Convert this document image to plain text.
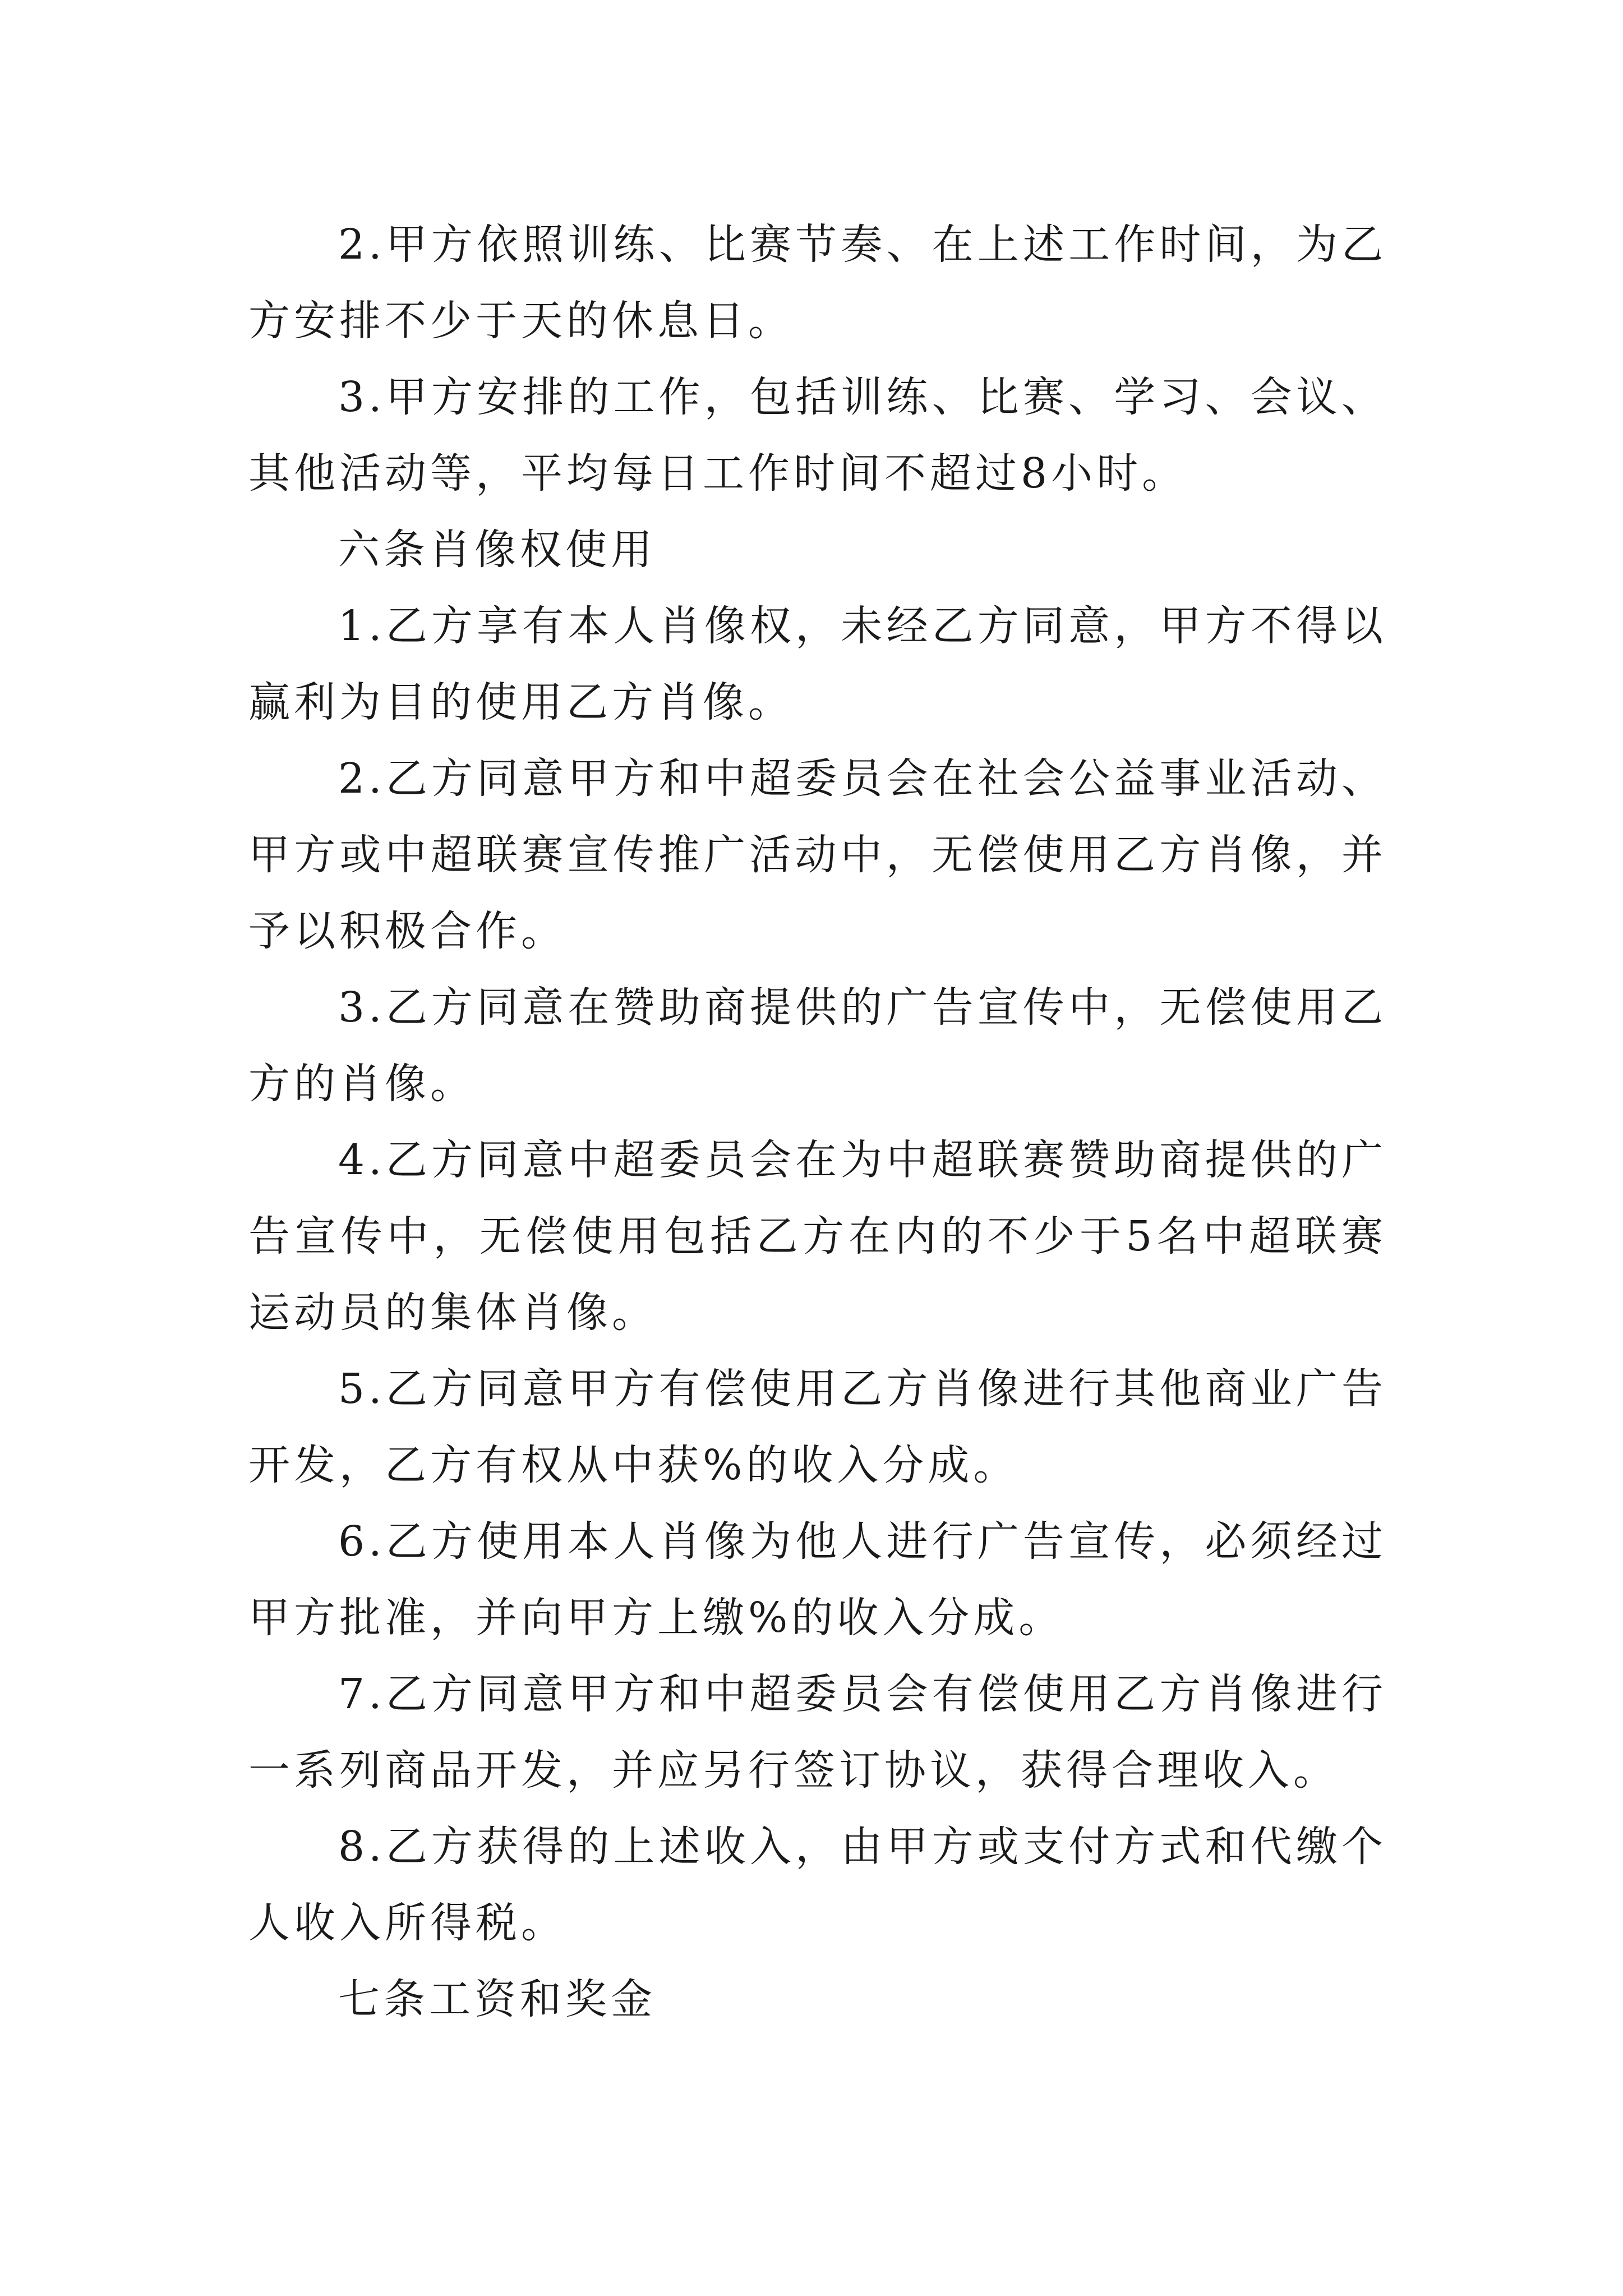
2.甲方依照训练、比赛节奏、在上述工作时间，为乙方安排不少于天的休息日。

3.甲方安排的工作，包括训练、比赛、学习、会议、其他活动等，平均每日工作时间不超过8小时。

六条肖像权使用

1.乙方享有本人肖像权，未经乙方同意，甲方不得以赢利为目的使用乙方肖像。

2.乙方同意甲方和中超委员会在社会公益事业活动、甲方或中超联赛宣传推广活动中，无偿使用乙方肖像，并予以积极合作。

3.乙方同意在赞助商提供的广告宣传中，无偿使用乙方的肖像。

4.乙方同意中超委员会在为中超联赛赞助商提供的广告宣传中，无偿使用包括乙方在内的不少于5名中超联赛运动员的集体肖像。

5.乙方同意甲方有偿使用乙方肖像进行其他商业广告开发，乙方有权从中获%的收入分成。

6.乙方使用本人肖像为他人进行广告宣传，必须经过甲方批准，并向甲方上缴%的收入分成。

7.乙方同意甲方和中超委员会有偿使用乙方肖像进行一系列商品开发，并应另行签订协议，获得合理收入。

8.乙方获得的上述收入，由甲方或支付方式和代缴个人收入所得税。

七条工资和奖金
